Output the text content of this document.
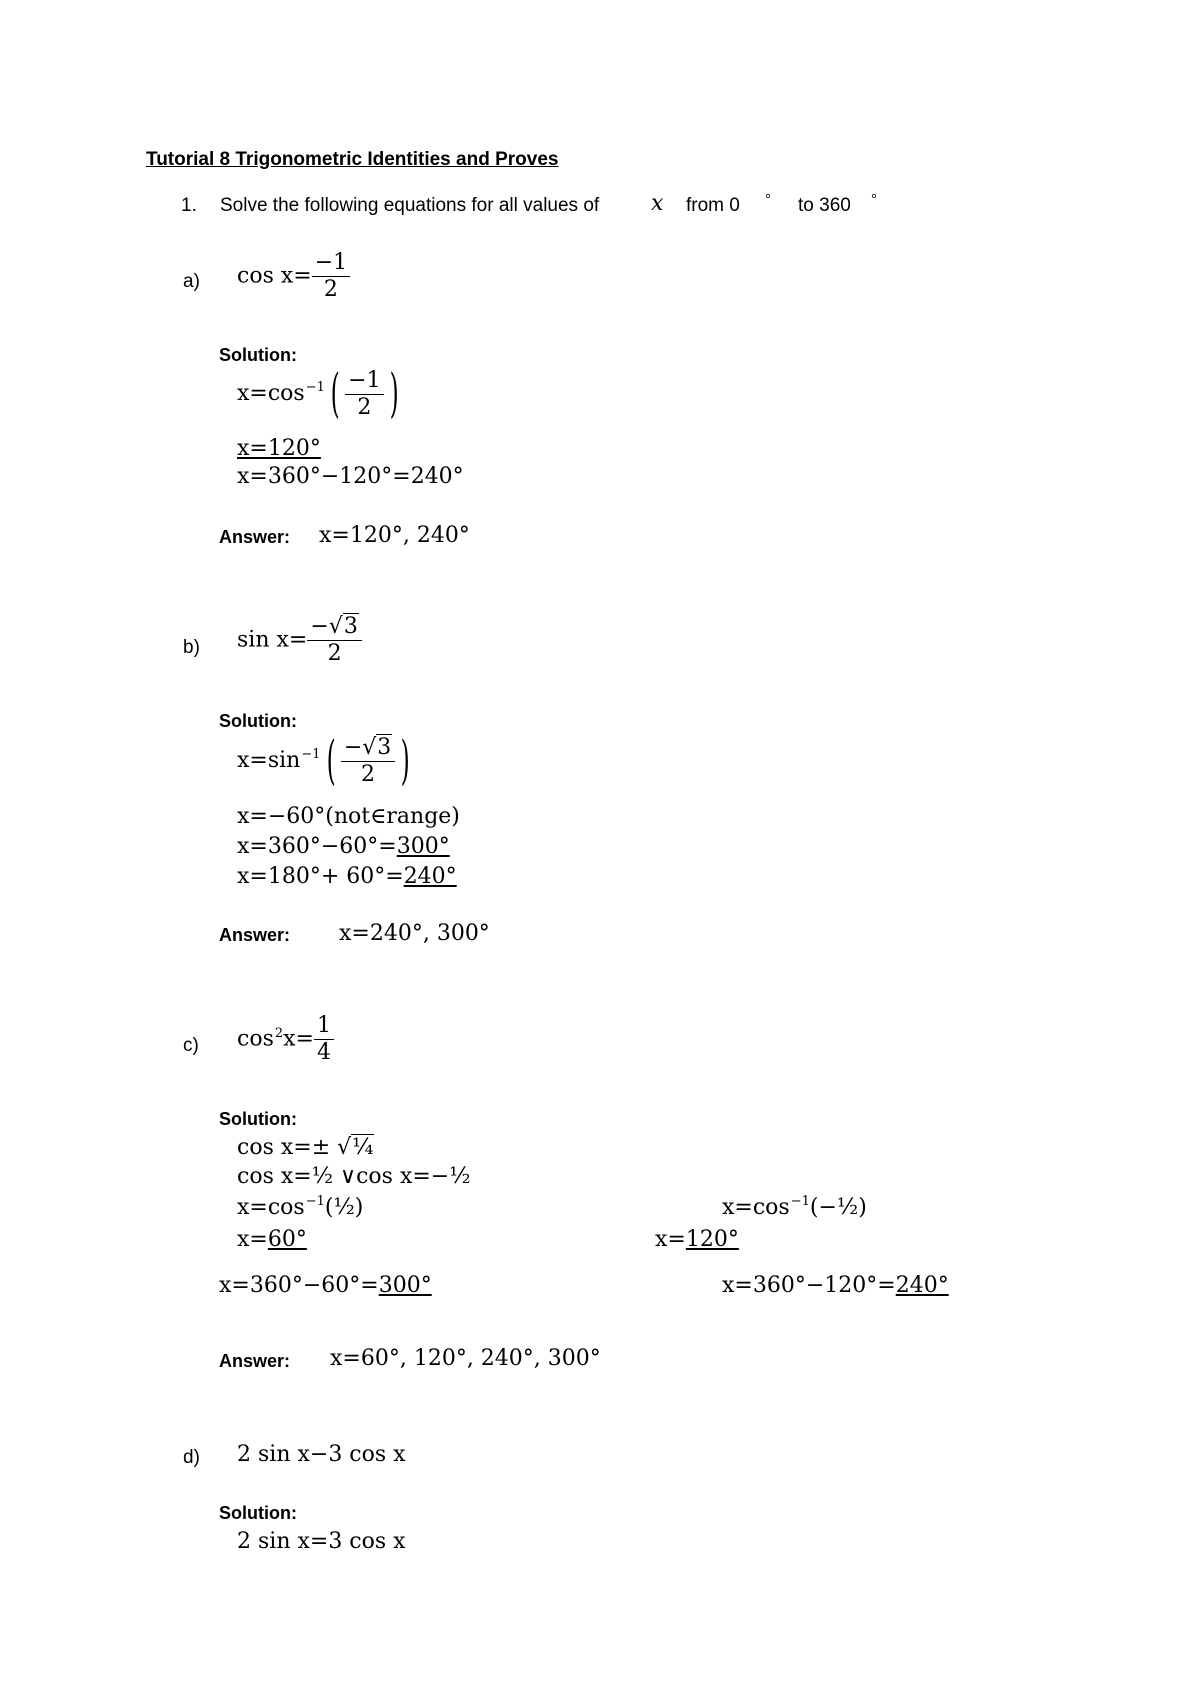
Tutorial 8 Trigonometric Identities and Proves
1. Solve the following equations for all values of x from 0 ° to 360 °
a) $\cos x= \frac{-1}{2}$
Solution:
$x=\cos^{-1}$ ( $\frac{-1}{2}$ )
x=120°
x=360°−120°=240°
Answer: x=120°, 240°
b) $\sin x= \frac{-√3}{2}$
Solution:
$x=\sin^{-1}$ ( $\frac{-√3}{2}$ )
x=−60°(not∈range)
x=360°−60°=300°
x=180°+ 60°=240°
Answer: x=240°, 300°
c) $\cos^2x= \frac{1}{4}$
Solution:
cos x=± √¼
cos x=½ ∨cos x=−½
$x=\cos^{-1}(\frac{1}{2})$	$x=\cos^{-1}(-\frac{1}{2})$
x=60°	x=120°
x=360°−60°=300°	x=360°−120°=240°
Answer: x=60°, 120°, 240°, 300°
d) 2 sin x−3 cos x
Solution:
2 sin x=3 cos x
